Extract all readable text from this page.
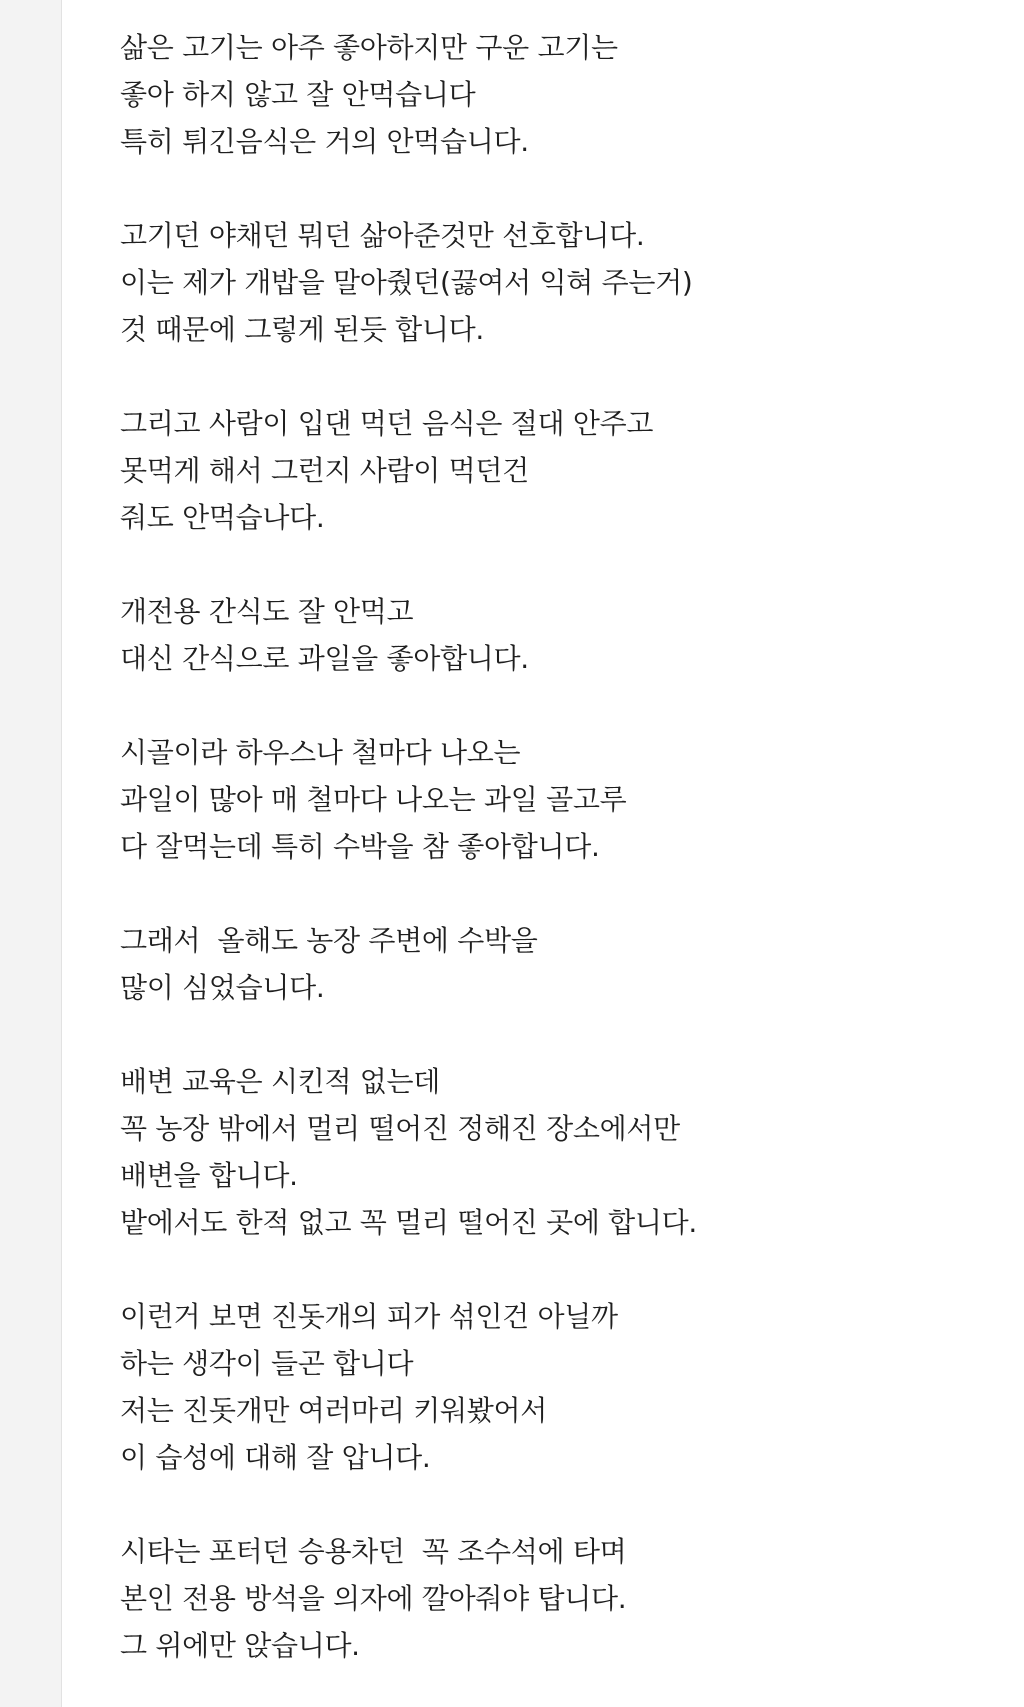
삶은 고기는 아주 좋아하지만 구운 고기는
좋아 하지 않고 잘 안먹습니다
특히 튀긴음식은 거의 안먹습니다.
고기던 야채던 뭐던 삶아준것만 선호합니다.
이는 제가 개밥을 말아줬던(끓여서 익혀 주는거)
것 때문에 그렇게 된듯 합니다.
그리고 사람이 입댄 먹던 음식은 절대 안주고
못먹게 해서 그런지 사람이 먹던건
줘도 안먹습나다.
개전용 간식도 잘 안먹고
대신 간식으로 과일을 좋아합니다.
시골이라 하우스나 철마다 나오는
과일이 많아 매 철마다 나오는 과일 골고루
다 잘먹는데 특히 수박을 참 좋아합니다.
그래서  올해도 농장 주변에 수박을
많이 심었습니다.
배변 교육은 시킨적 없는데
꼭 농장 밖에서 멀리 떨어진 정해진 장소에서만
배변을 합니다.
밭에서도 한적 없고 꼭 멀리 떨어진 곳에 합니다.
이런거 보면 진돗개의 피가 섞인건 아닐까
하는 생각이 들곤 합니다
저는 진돗개만 여러마리 키워봤어서
이 습성에 대해 잘 압니다.
시타는 포터던 승용차던  꼭 조수석에 타며
본인 전용 방석을 의자에 깔아줘야 탑니다.
그 위에만 앉습니다.
